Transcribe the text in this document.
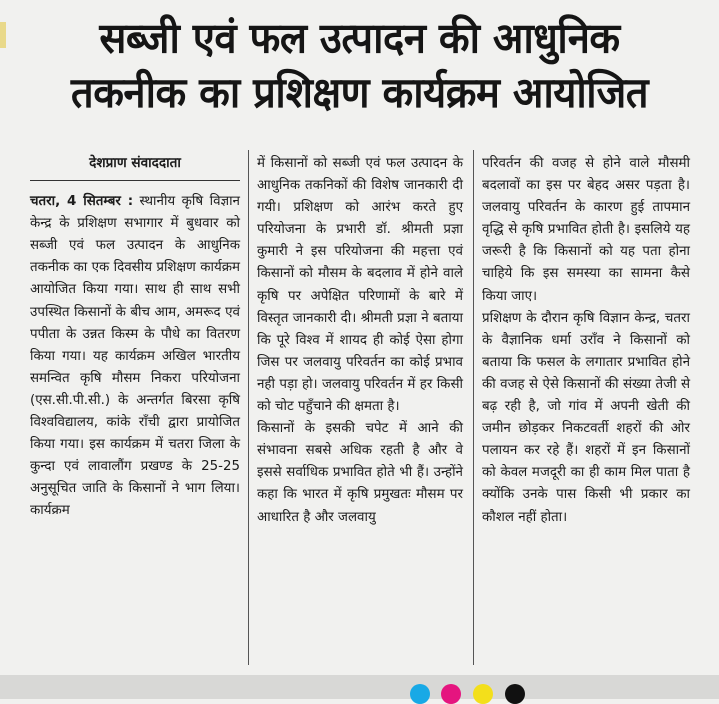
सब्जी एवं फल उत्पादन की आधुनिक
तकनीक का प्रशिक्षण कार्यक्रम आयोजित
देशप्राण संवाददाता

चतरा, 4 सितम्बर : स्थानीय कृषि विज्ञान केन्द्र के प्रशिक्षण सभागार में बुधवार को सब्जी एवं फल उत्पादन के आधुनिक तकनीक का एक दिवसीय प्रशिक्षण कार्यक्रम आयोजित किया गया। साथ ही साथ सभी उपस्थित किसानों के बीच आम, अमरूद एवं पपीता के उन्नत किस्म के पौधे का वितरण किया गया। यह कार्यक्रम अखिल भारतीय समन्वित कृषि मौसम निकरा परियोजना (एस.सी.पी.सी.) के अन्तर्गत बिरसा कृषि विश्वविद्यालय, कांके राँची द्वारा प्रायोजित किया गया। इस कार्यक्रम में चतरा जिला के कुन्दा एवं लावालौंग प्रखण्ड के 25-25 अनुसूचित जाति के किसानों ने भाग लिया। कार्यक्रम

में किसानों को सब्जी एवं फल उत्पादन के आधुनिक तकनिकों की विशेष जानकारी दी गयी। प्रशिक्षण को आरंभ करते हुए परियोजना के प्रभारी डॉ. श्रीमती प्रज्ञा कुमारी ने इस परियोजना की महत्ता एवं किसानों को मौसम के बदलाव में होने वाले कृषि पर अपेक्षित परिणामों के बारे में विस्तृत जानकारी दी। श्रीमती प्रज्ञा ने बताया कि पूरे विश्व में शायद ही कोई ऐसा होगा जिस पर जलवायु परिवर्तन का कोई प्रभाव नही पड़ा हो। जलवायु परिवर्तन में हर किसी को चोट पहुँचाने की क्षमता है।

किसानों के इसकी चपेट में आने की संभावना सबसे अधिक रहती है और वे इससे सर्वाधिक प्रभावित होते भी हैं। उन्होंने कहा कि भारत में कृषि प्रमुखतः मौसम पर आधारित है और जलवायु

परिवर्तन की वजह से होने वाले मौसमी बदलावों का इस पर बेहद असर पड़ता है। जलवायु परिवर्तन के कारण हुई तापमान वृद्धि से कृषि प्रभावित होती है। इसलिये यह जरूरी है कि किसानों को यह पता होना चाहिये कि इस समस्या का सामना कैसे किया जाए।

प्रशिक्षण के दौरान कृषि विज्ञान केन्द्र, चतरा के वैज्ञानिक धर्मा उराँव ने किसानों को बताया कि फसल के लगातार प्रभावित होने की वजह से ऐसे किसानों की संख्या तेजी से बढ़ रही है, जो गांव में अपनी खेती की जमीन छोड़कर निकटवर्ती शहरों की ओर पलायन कर रहे हैं। शहरों में इन किसानों को केवल मजदूरी का ही काम मिल पाता है क्योंकि उनके पास किसी भी प्रकार का कौशल नहीं होता।
